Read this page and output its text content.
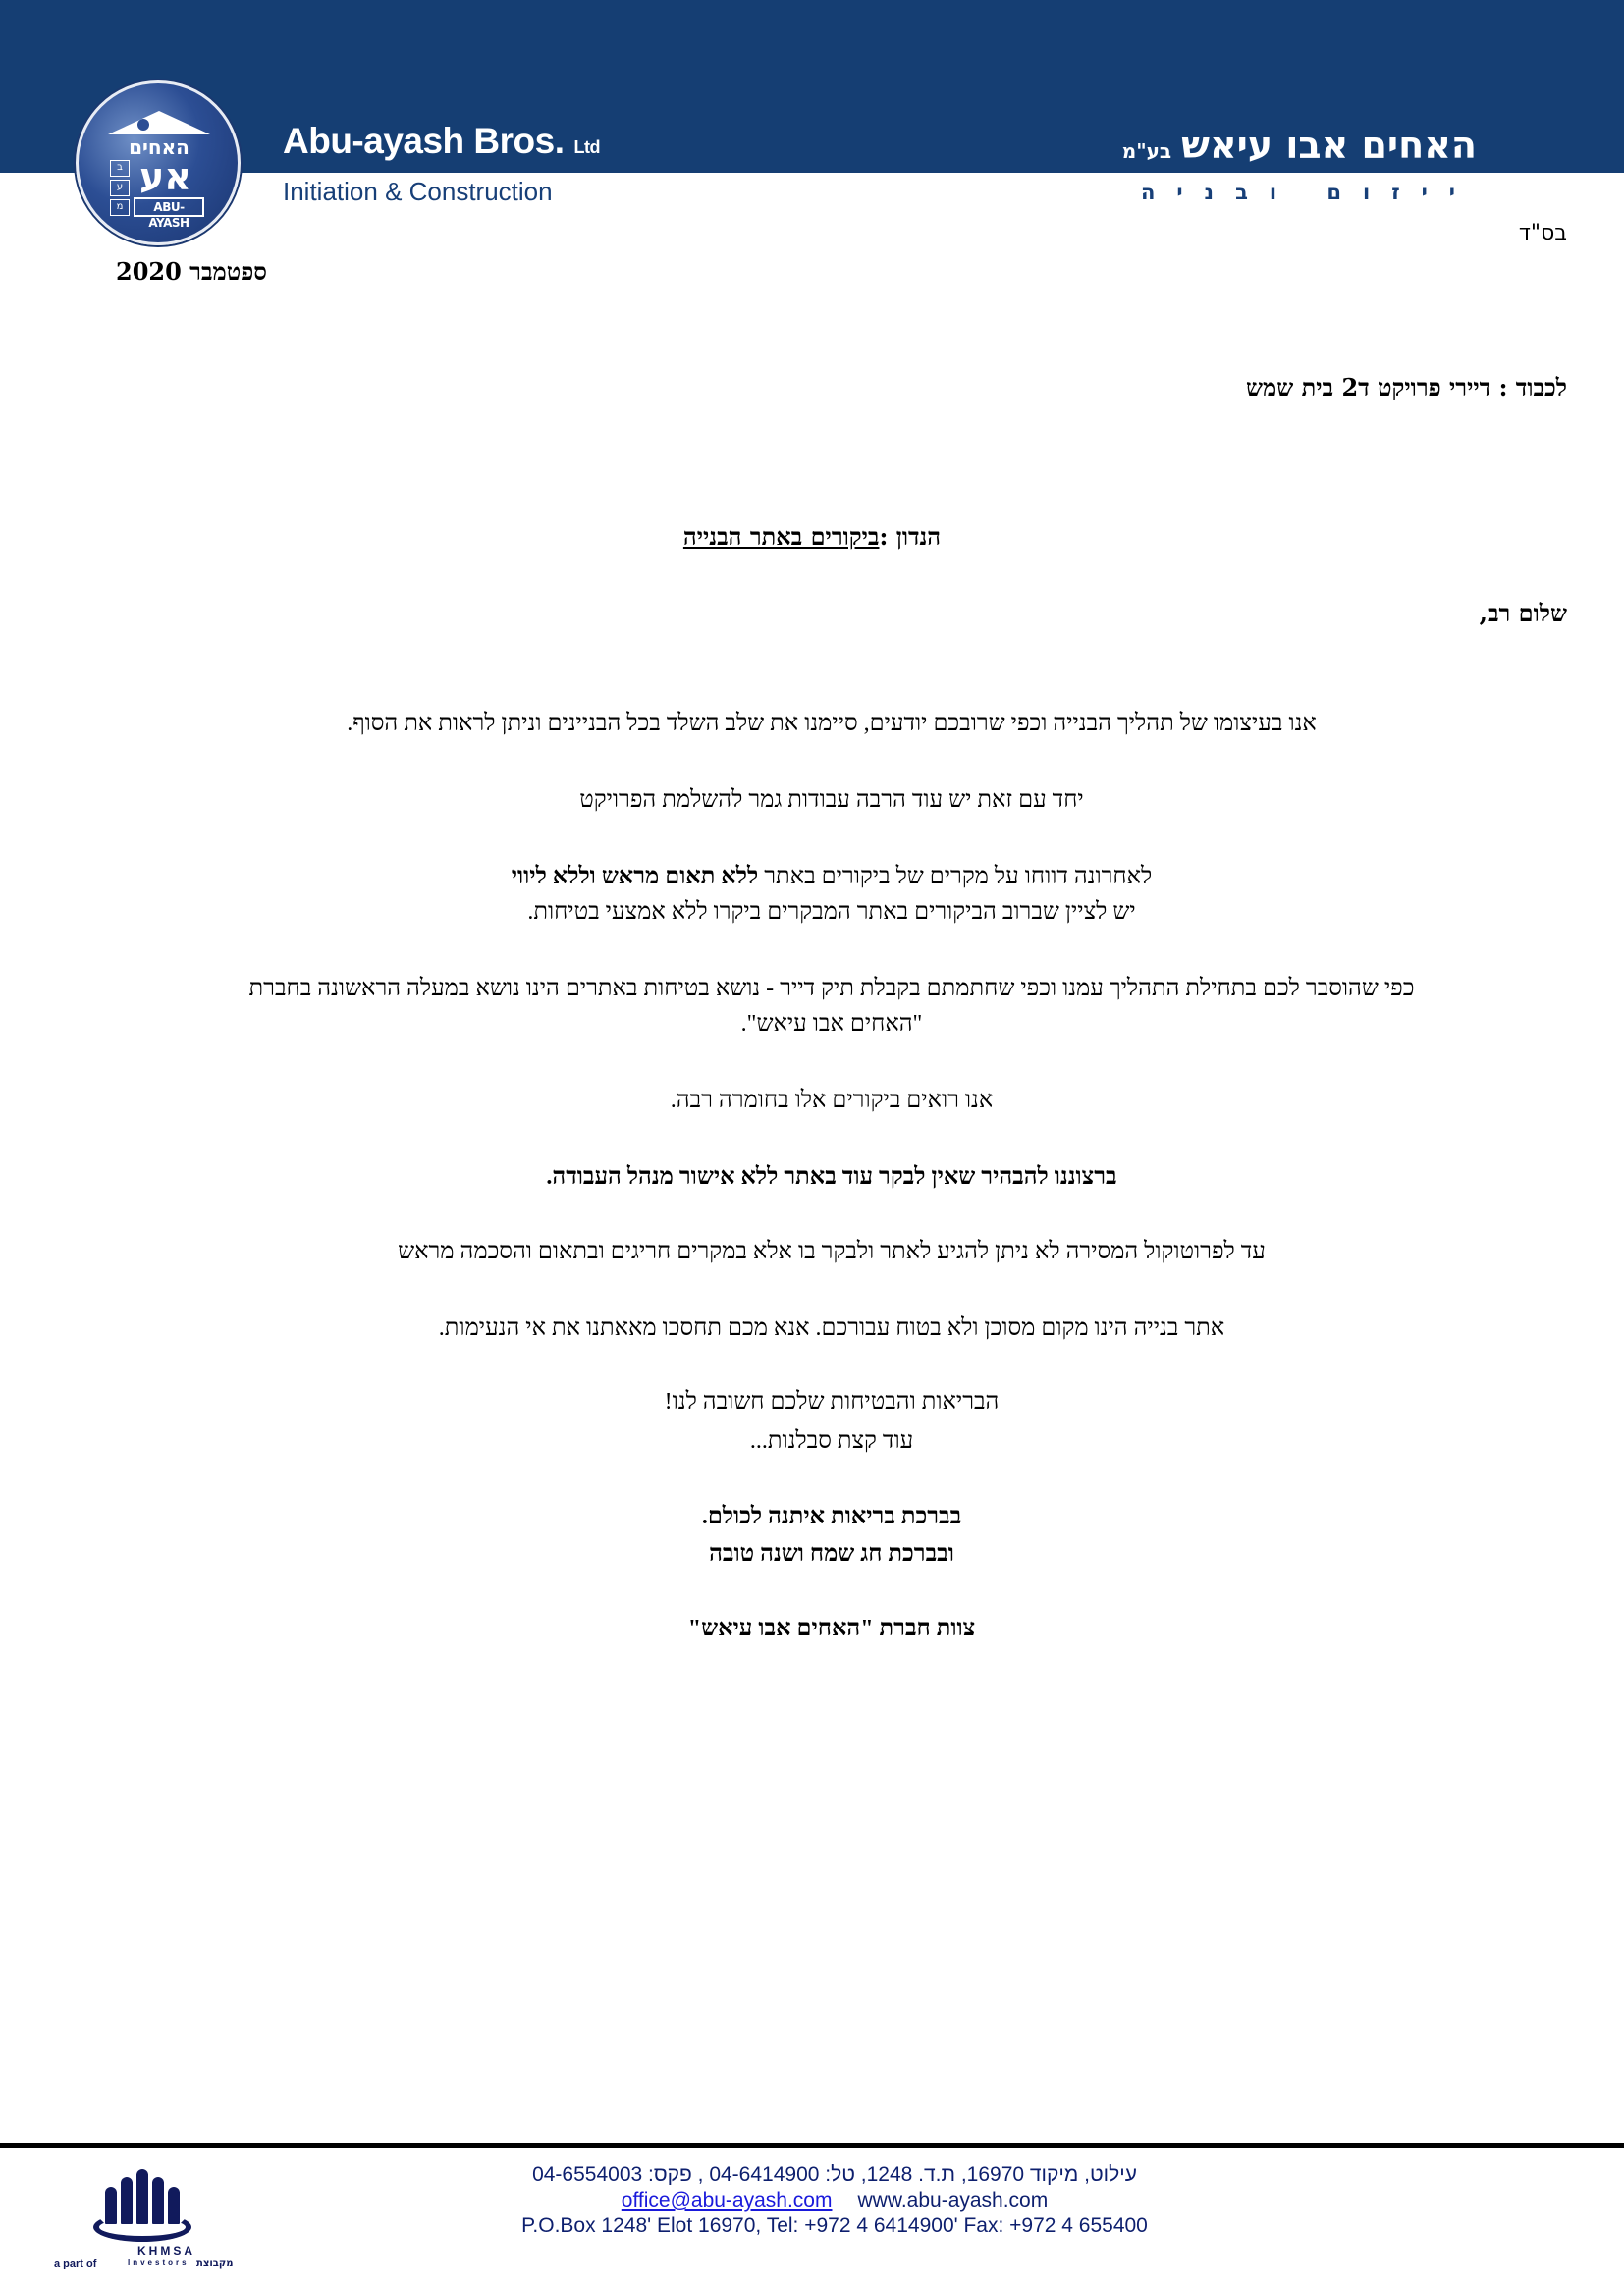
האחים
ב
ע
מ
אע
ABU-AYASH
Abu-ayash Bros. Ltd
Initiation & Construction
האחים אבו עיאשבע"מ
ייזום ובניה
בס"ד
ספטמבר 2020
לכבוד : דיירי פרויקט ד2 בית שמש
הנדון :ביקורים באתר הבנייה
שלום רב,
אנו בעיצומו של תהליך הבנייה וכפי שרובכם יודעים, סיימנו את שלב השלד בכל הבניינים וניתן לראות את הסוף.
יחד עם זאת יש עוד הרבה עבודות גמר להשלמת הפרויקט
לאחרונה דווחו על מקרים של ביקורים באתר ללא תאום מראש וללא ליווי
יש לציין שברוב הביקורים באתר המבקרים ביקרו ללא אמצעי בטיחות.
כפי שהוסבר לכם בתחילת התהליך עמנו וכפי שחתמתם בקבלת תיק דייר - נושא בטיחות באתרים הינו נושא במעלה הראשונה בחברת
"האחים אבו עיאש".
אנו רואים ביקורים אלו בחומרה רבה.
ברצוננו להבהיר שאין לבקר עוד באתר ללא אישור מנהל העבודה.
עד לפרוטוקול המסירה לא ניתן להגיע לאתר ולבקר בו אלא במקרים חריגים ובתאום והסכמה מראש
אתר בנייה הינו מקום מסוכן ולא בטוח עבורכם. אנא מכם תחסכו מאאתנו את אי הנעימות.
הבריאות והבטיחות שלכם חשובה לנו!
עוד קצת סבלנות...
בברכת בריאות איתנה לכולם.
ובברכת חג שמח ושנה טובה
צוות חברת "האחים אבו עיאש"
KHMSA
a part of	Investors מקבוצת
עילוט, מיקוד 16970, ת.ד. 1248, טל: 04-6414900 , פקס: 04-6554003
office@abu-ayash.com www.abu-ayash.com
P.O.Box 1248' Elot 16970, Tel: +972 4 6414900' Fax: +972 4 655400
